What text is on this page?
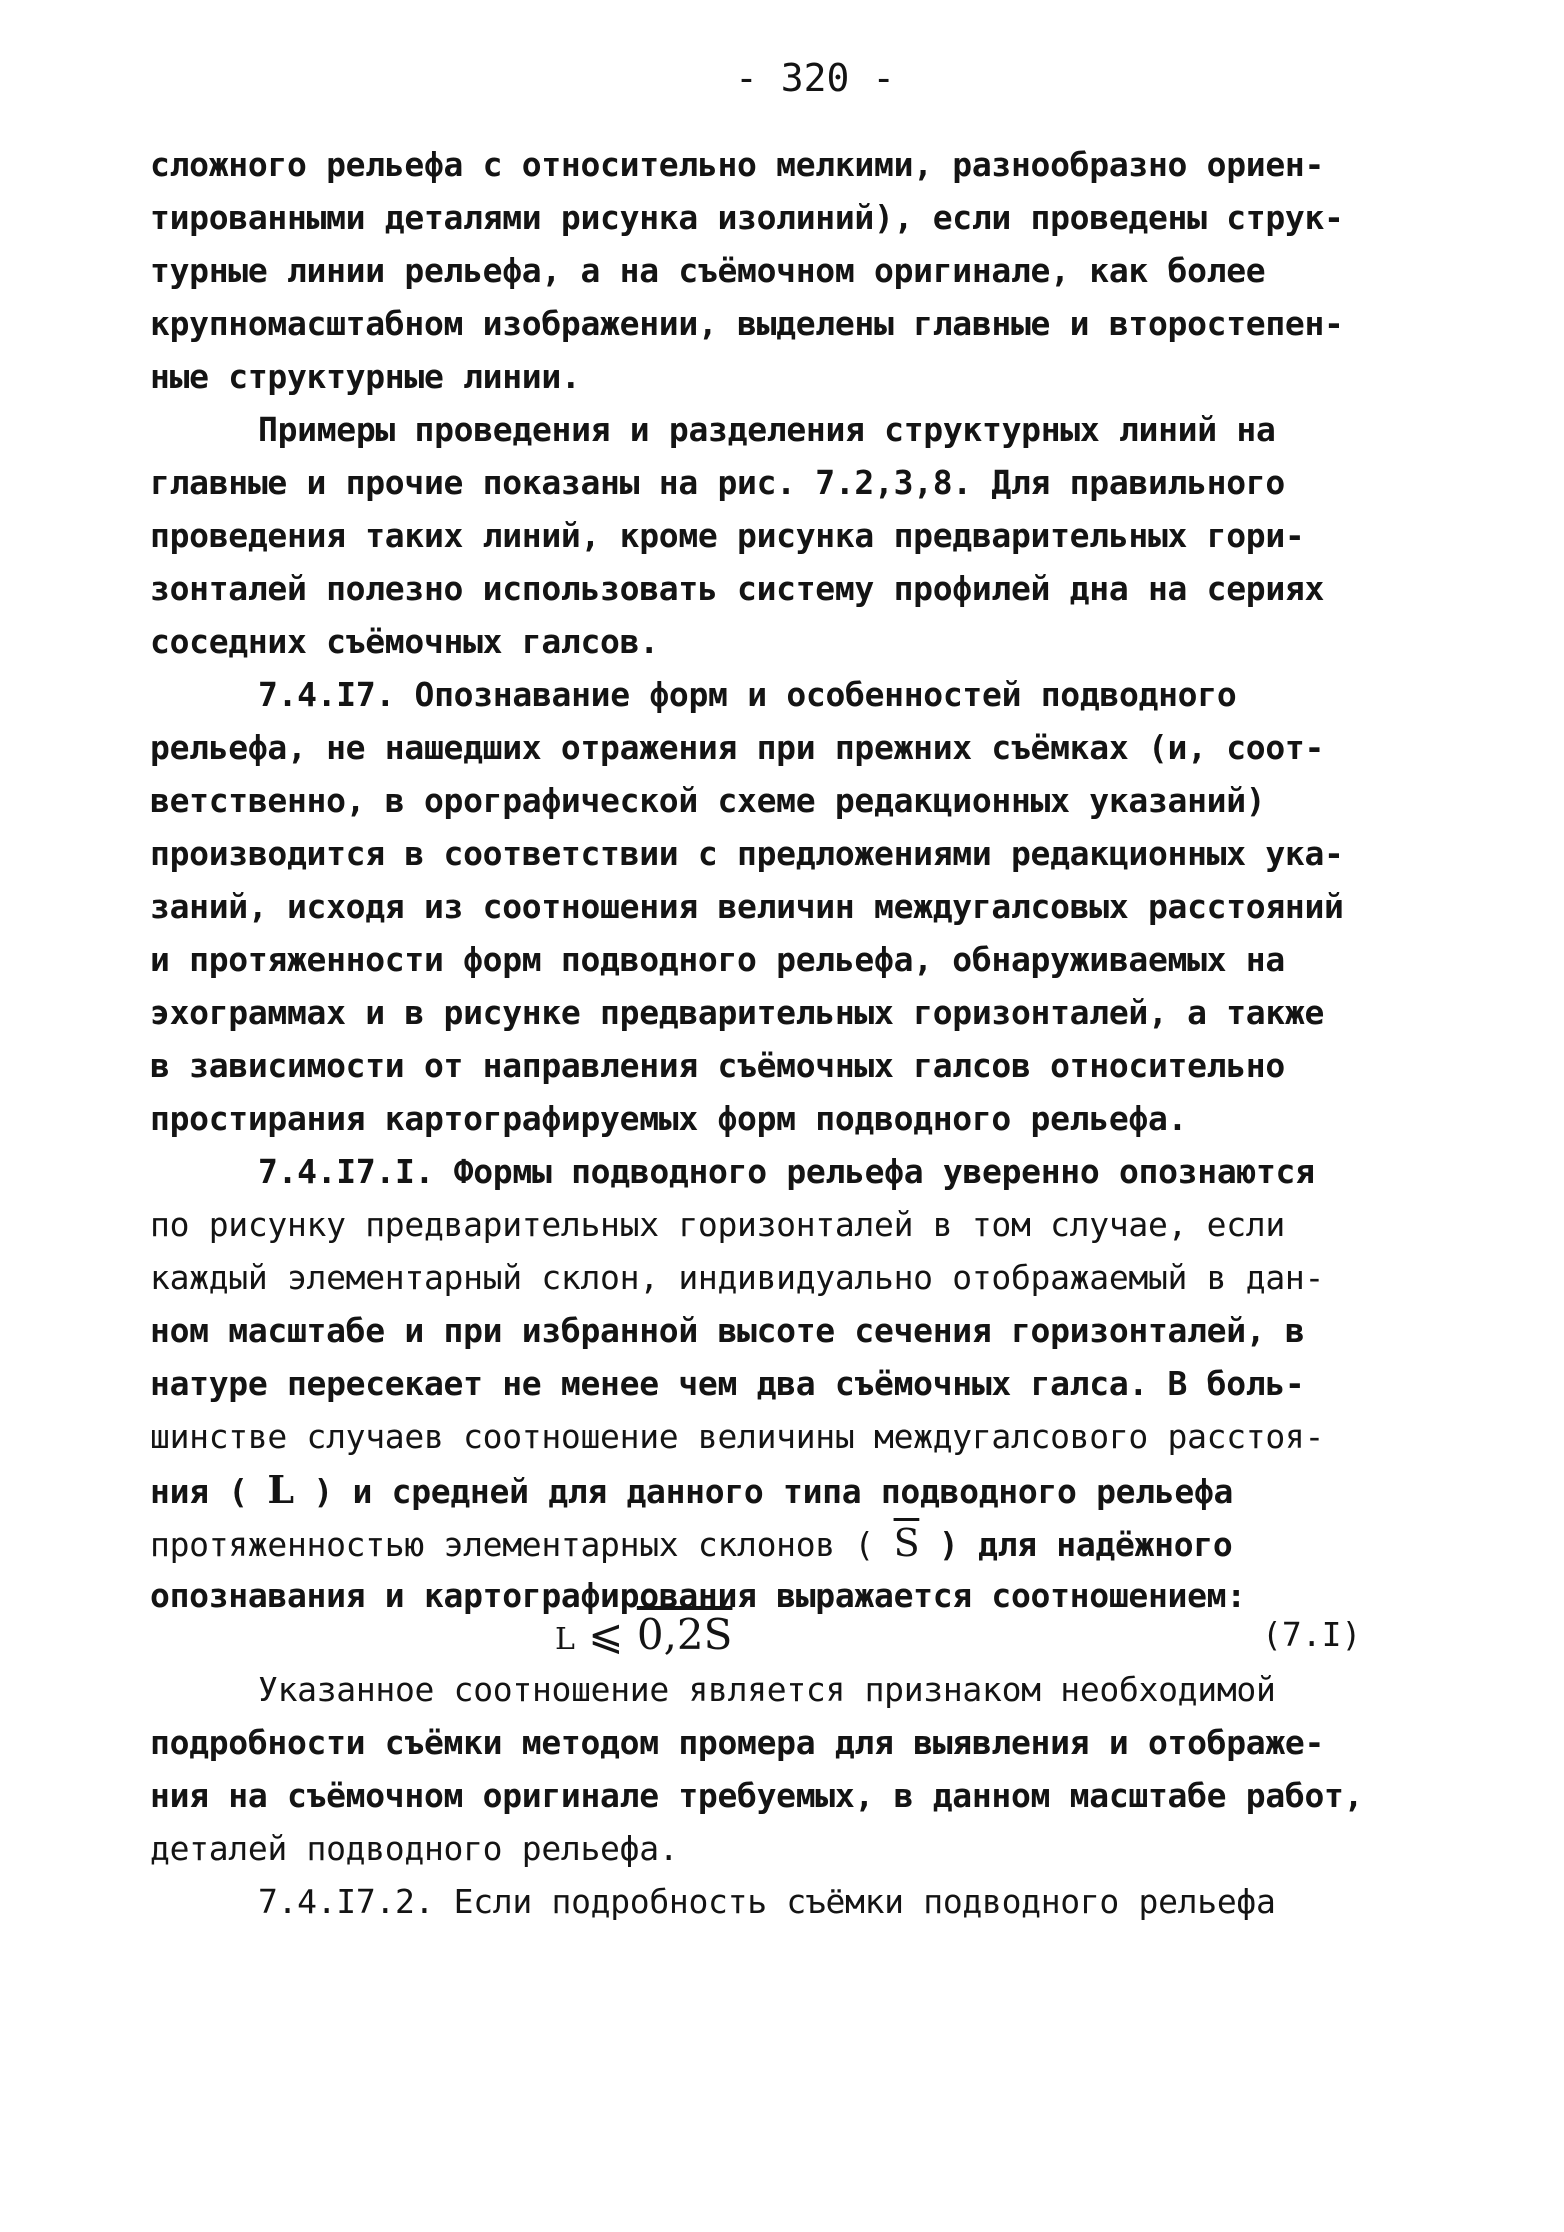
- 320 -

сложного рельефа с относительно мелкими, разнообразно ориен-

тированными деталями рисунка изолиний), если проведены струк-

турные линии рельефа, а на съёмочном оригинале, как более

крупномасштабном изображении, выделены главные и второстепен-

ные структурные линии.

Примеры проведения и разделения структурных линий на

главные и прочие показаны на рис. 7.2,3,8. Для правильного

проведения таких линий, кроме рисунка предварительных гори-

зонталей полезно использовать систему профилей дна на сериях

соседних съёмочных галсов.

7.4.I7. Опознавание форм и особенностей подводного

рельефа, не нашедших отражения при прежних съёмках (и, соот-

ветственно, в орографической схеме редакционных указаний)

производится в соответствии с предложениями редакционных ука-

заний, исходя из соотношения величин междугалсовых расстояний

и протяженности форм подводного рельефа, обнаруживаемых на

эхограммах и в рисунке предварительных горизонталей, а также

в зависимости от направления съёмочных галсов относительно

простирания картографируемых форм подводного рельефа.

7.4.I7.I. Формы подводного рельефа уверенно опознаются

по рисунку предварительных горизонталей в том случае, если

каждый элементарный склон, индивидуально отображаемый в дан-

ном масштабе и при избранной высоте сечения горизонталей, в

натуре пересекает не менее чем два съёмочных галса. В боль-

шинстве случаев соотношение величины междугалсового расстоя-

ния ( L ) и средней для данного типа подводного рельефа

протяженностью элементарных склонов ( $\overline{S}$ ) для надёжного

опознавания и картографирования выражается соотношением:

L ⩽ 0,2S	(7.I)

Указанное соотношение является признаком необходимой

подробности съёмки методом промера для выявления и отображе-

ния на съёмочном оригинале требуемых, в данном масштабе работ,

деталей подводного рельефа.

7.4.I7.2. Если подробность съёмки подводного рельефа
